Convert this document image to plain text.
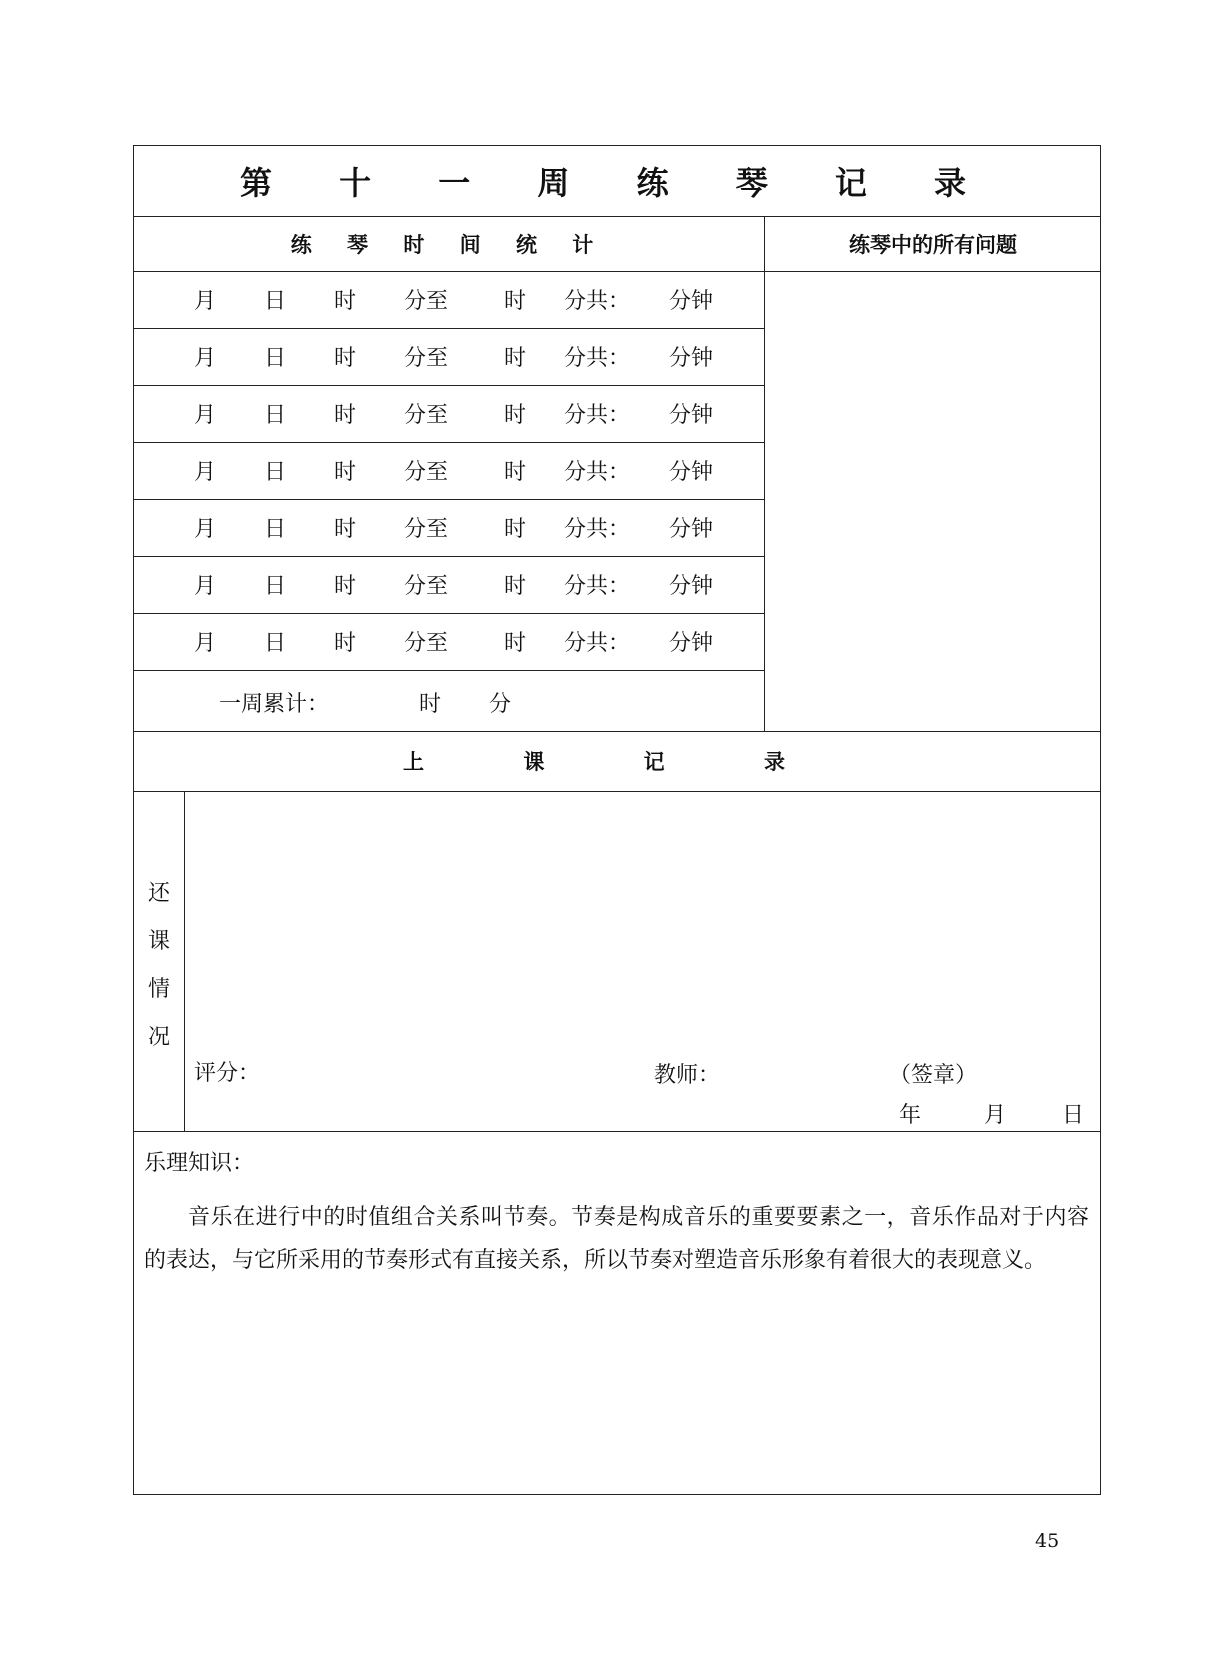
第 十 一 周 练 琴 记 录
练 琴 时 间 统 计	练琴中的所有问题
月 日 时 分至	时 分共： 分钟
月 日 时 分至	时 分共： 分钟
月 日 时 分至	时 分共： 分钟
月 日 时 分至	时 分共： 分钟
月 日 时 分至	时 分共： 分钟
月 日 时 分至	时 分共： 分钟
月 日 时 分至	时 分共： 分钟
一周累计：	时 分
上 课 记 录
还
课
情
况
评分：	教师：	（签章）
年	月	日
乐理知识：

音乐在进行中的时值组合关系叫节奏。节奏是构成音乐的重要要素之一，音乐作品对于内容的表达，与它所采用的节奏形式有直接关系，所以节奏对塑造音乐形象有着很大的表现意义。

45
